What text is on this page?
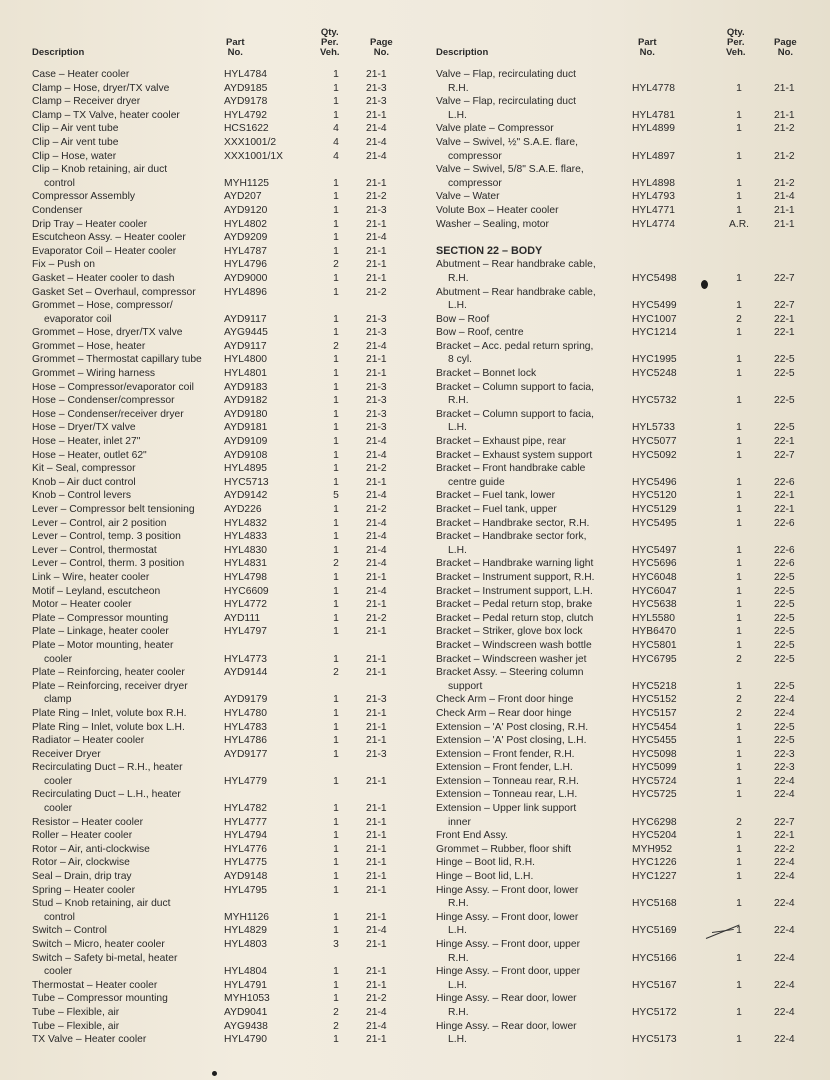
Description
Part
No.
Qty.
Per.
Veh.
Page
No.
Case – Heater cooler	HYL4784	1	21-1
Clamp – Hose, dryer/TX valve	AYD9185	1	21-3
Clamp – Receiver dryer	AYD9178	1	21-3
Clamp – TX Valve, heater cooler	HYL4792	1	21-1
Clip – Air vent tube	HCS1622	4	21-4
Clip – Air vent tube	XXX1001/2	4	21-4
Clip – Hose, water	XXX1001/1X	4	21-4
Clip – Knob retaining, air duct
control	MYH1125	1	21-1
Compressor Assembly	AYD207	1	21-2
Condenser	AYD9120	1	21-3
Drip Tray – Heater cooler	HYL4802	1	21-1
Escutcheon Assy. – Heater cooler	AYD9209	1	21-4
Evaporator Coil – Heater cooler	HYL4787	1	21-1
Fix – Push on	HYL4796	2	21-1
Gasket – Heater cooler to dash	AYD9000	1	21-1
Gasket Set – Overhaul, compressor	HYL4896	1	21-2
Grommet – Hose, compressor/
evaporator coil	AYD9117	1	21-3
Grommet – Hose, dryer/TX valve	AYG9445	1	21-3
Grommet – Hose, heater	AYD9117	2	21-4
Grommet – Thermostat capillary tube	HYL4800	1	21-1
Grommet – Wiring harness	HYL4801	1	21-1
Hose – Compressor/evaporator coil	AYD9183	1	21-3
Hose – Condenser/compressor	AYD9182	1	21-3
Hose – Condenser/receiver dryer	AYD9180	1	21-3
Hose – Dryer/TX valve	AYD9181	1	21-3
Hose – Heater, inlet 27"	AYD9109	1	21-4
Hose – Heater, outlet 62"	AYD9108	1	21-4
Kit – Seal, compressor	HYL4895	1	21-2
Knob – Air duct control	HYC5713	1	21-1
Knob – Control levers	AYD9142	5	21-4
Lever – Compressor belt tensioning	AYD226	1	21-2
Lever – Control, air 2 position	HYL4832	1	21-4
Lever – Control, temp. 3 position	HYL4833	1	21-4
Lever – Control, thermostat	HYL4830	1	21-4
Lever – Control, therm. 3 position	HYL4831	2	21-4
Link – Wire, heater cooler	HYL4798	1	21-1
Motif – Leyland, escutcheon	HYC6609	1	21-4
Motor – Heater cooler	HYL4772	1	21-1
Plate – Compressor mounting	AYD111	1	21-2
Plate – Linkage, heater cooler	HYL4797	1	21-1
Plate – Motor mounting, heater
cooler	HYL4773	1	21-1
Plate – Reinforcing, heater cooler	AYD9144	2	21-1
Plate – Reinforcing, receiver dryer
clamp	AYD9179	1	21-3
Plate Ring – Inlet, volute box R.H.	HYL4780	1	21-1
Plate Ring – Inlet, volute box L.H.	HYL4783	1	21-1
Radiator – Heater cooler	HYL4786	1	21-1
Receiver Dryer	AYD9177	1	21-3
Recirculating Duct – R.H., heater
cooler	HYL4779	1	21-1
Recirculating Duct – L.H., heater
cooler	HYL4782	1	21-1
Resistor – Heater cooler	HYL4777	1	21-1
Roller – Heater cooler	HYL4794	1	21-1
Rotor – Air, anti-clockwise	HYL4776	1	21-1
Rotor – Air, clockwise	HYL4775	1	21-1
Seal – Drain, drip tray	AYD9148	1	21-1
Spring – Heater cooler	HYL4795	1	21-1
Stud – Knob retaining, air duct
control	MYH1126	1	21-1
Switch – Control	HYL4829	1	21-4
Switch – Micro, heater cooler	HYL4803	3	21-1
Switch – Safety bi-metal, heater
cooler	HYL4804	1	21-1
Thermostat – Heater cooler	HYL4791	1	21-1
Tube – Compressor mounting	MYH1053	1	21-2
Tube – Flexible, air	AYD9041	2	21-4
Tube – Flexible, air	AYG9438	2	21-4
TX Valve – Heater cooler	HYL4790	1	21-1
Description
Part
No.
Qty.
Per.
Veh.
Page
No.
Valve – Flap, recirculating duct
R.H.	HYL4778	1	21-1
Valve – Flap, recirculating duct
L.H.	HYL4781	1	21-1
Valve plate – Compressor	HYL4899	1	21-2
Valve – Swivel, ½" S.A.E. flare,
compressor	HYL4897	1	21-2
Valve – Swivel, 5/8" S.A.E. flare,
compressor	HYL4898	1	21-2
Valve – Water	HYL4793	1	21-4
Volute Box – Heater cooler	HYL4771	1	21-1
Washer – Sealing, motor	HYL4774	A.R. 21-1
SECTION 22 – BODY
Abutment – Rear handbrake cable,
R.H.	HYC5498	1	22-7
Abutment – Rear handbrake cable,
L.H.	HYC5499	1	22-7
Bow – Roof	HYC1007	2	22-1
Bow – Roof, centre	HYC1214	1	22-1
Bracket – Acc. pedal return spring,
8 cyl.	HYC1995	1	22-5
Bracket – Bonnet lock	HYC5248	1	22-5
Bracket – Column support to facia,
R.H.	HYC5732	1	22-5
Bracket – Column support to facia,
L.H.	HYL5733	1	22-5
Bracket – Exhaust pipe, rear	HYC5077	1	22-1
Bracket – Exhaust system support	HYC5092	1	22-7
Bracket – Front handbrake cable
centre guide	HYC5496	1	22-6
Bracket – Fuel tank, lower	HYC5120	1	22-1
Bracket – Fuel tank, upper	HYC5129	1	22-1
Bracket – Handbrake sector, R.H.	HYC5495	1	22-6
Bracket – Handbrake sector fork,
L.H.	HYC5497	1	22-6
Bracket – Handbrake warning light	HYC5696	1	22-6
Bracket – Instrument support, R.H.	HYC6048	1	22-5
Bracket – Instrument support, L.H.	HYC6047	1	22-5
Bracket – Pedal return stop, brake	HYC5638	1	22-5
Bracket – Pedal return stop, clutch	HYL5580	1	22-5
Bracket – Striker, glove box lock	HYB6470	1	22-5
Bracket – Windscreen wash bottle	HYC5801	1	22-5
Bracket – Windscreen washer jet	HYC6795	2	22-5
Bracket Assy. – Steering column
support	HYC5218	1	22-5
Check Arm – Front door hinge	HYC5152	2	22-4
Check Arm – Rear door hinge	HYC5157	2	22-4
Extension – 'A' Post closing, R.H.	HYC5454	1	22-5
Extension – 'A' Post closing, L.H.	HYC5455	1	22-5
Extension – Front fender, R.H.	HYC5098	1	22-3
Extension – Front fender, L.H.	HYC5099	1	22-3
Extension – Tonneau rear, R.H.	HYC5724	1	22-4
Extension – Tonneau rear, L.H.	HYC5725	1	22-4
Extension – Upper link support
inner	HYC6298	2	22-7
Front End Assy.	HYC5204	1	22-1
Grommet – Rubber, floor shift	MYH952	1	22-2
Hinge – Boot lid, R.H.	HYC1226	1	22-4
Hinge – Boot lid, L.H.	HYC1227	1	22-4
Hinge Assy. – Front door, lower
R.H.	HYC5168	1	22-4
Hinge Assy. – Front door, lower
L.H.	HYC5169	1	22-4
Hinge Assy. – Front door, upper
R.H.	HYC5166	1	22-4
Hinge Assy. – Front door, upper
L.H.	HYC5167	1	22-4
Hinge Assy. – Rear door, lower
R.H.	HYC5172	1	22-4
Hinge Assy. – Rear door, lower
L.H.	HYC5173	1	22-4
